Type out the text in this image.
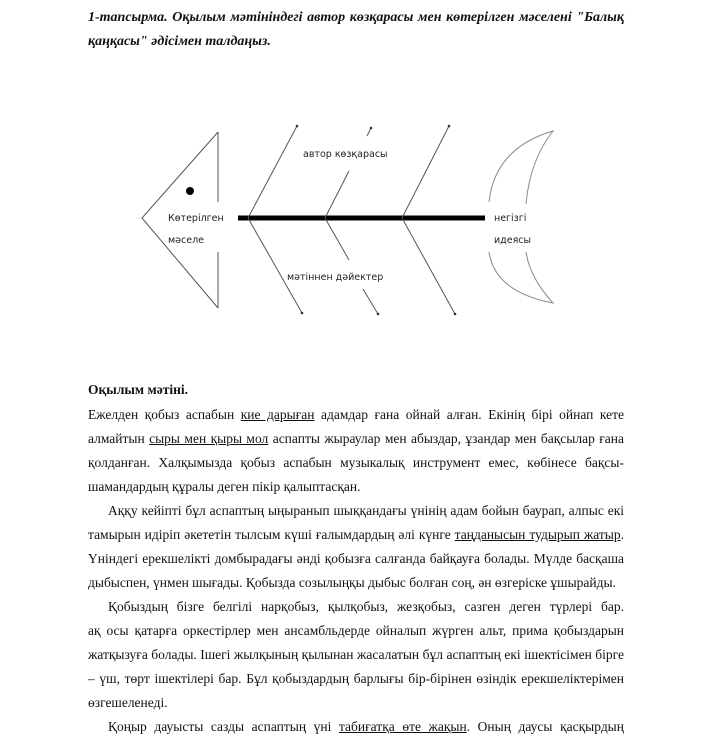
1-тапсырма. Оқылым мәтініндегі автор көзқарасы мен көтерілген мәселені "Балық
қаңқасы" әдісімен талдаңыз.
Көтерілген
мәселе
негізгі
идеясы
автор көзқарасы
мәтіннен дәйектер
Оқылым мәтіні.
Ежелден қобыз аспабын кие дарыған адамдар ғана ойнай алған. Екінің бірі ойнап кете
алмайтын сыры мен қыры мол аспапты жыраулар мен абыздар, ұзандар мен бақсылар ғана
қолданған. Халқымызда қобыз аспабын музыкалық инструмент емес, көбінесе бақсы-
шамандардың құралы деген пікір қалыптасқан.
Аққу кейіпті бұл аспаптың ыңыранып шыққандағы үнінің адам бойын баурап, алпыс екі
тамырын идіріп әкететін тылсым күші ғалымдардың әлі күнге таңданысын тудырып жатыр.
Үніндегі ерекшелікті домбырадағы әнді қобызға салғанда байқауға болады. Мүлде басқаша
дыбыспен, үнмен шығады. Қобызда созылыңқы дыбыс болған соң, ән өзгеріске ұшырайды.
Қобыздың бізге белгілі нарқобыз, қылқобыз, жезқобыз, сазген деген түрлері бар.
ақ осы қатарға оркестірлер мен ансамбльдерде ойналып жүрген альт, прима қобыздарын
жатқызуға болады. Ішегі жылқының қылынан жасалатын бұл аспаптың екі ішектісімен бірге
– үш, төрт ішектілері бар. Бұл қобыздардың барлығы бір-бірінен өзіндік ерекшеліктерімен
өзгешеленеді.
Қоңыр дауысты сазды аспаптың үні табиғатқа өте жақын. Оның даусы қасқырдың
